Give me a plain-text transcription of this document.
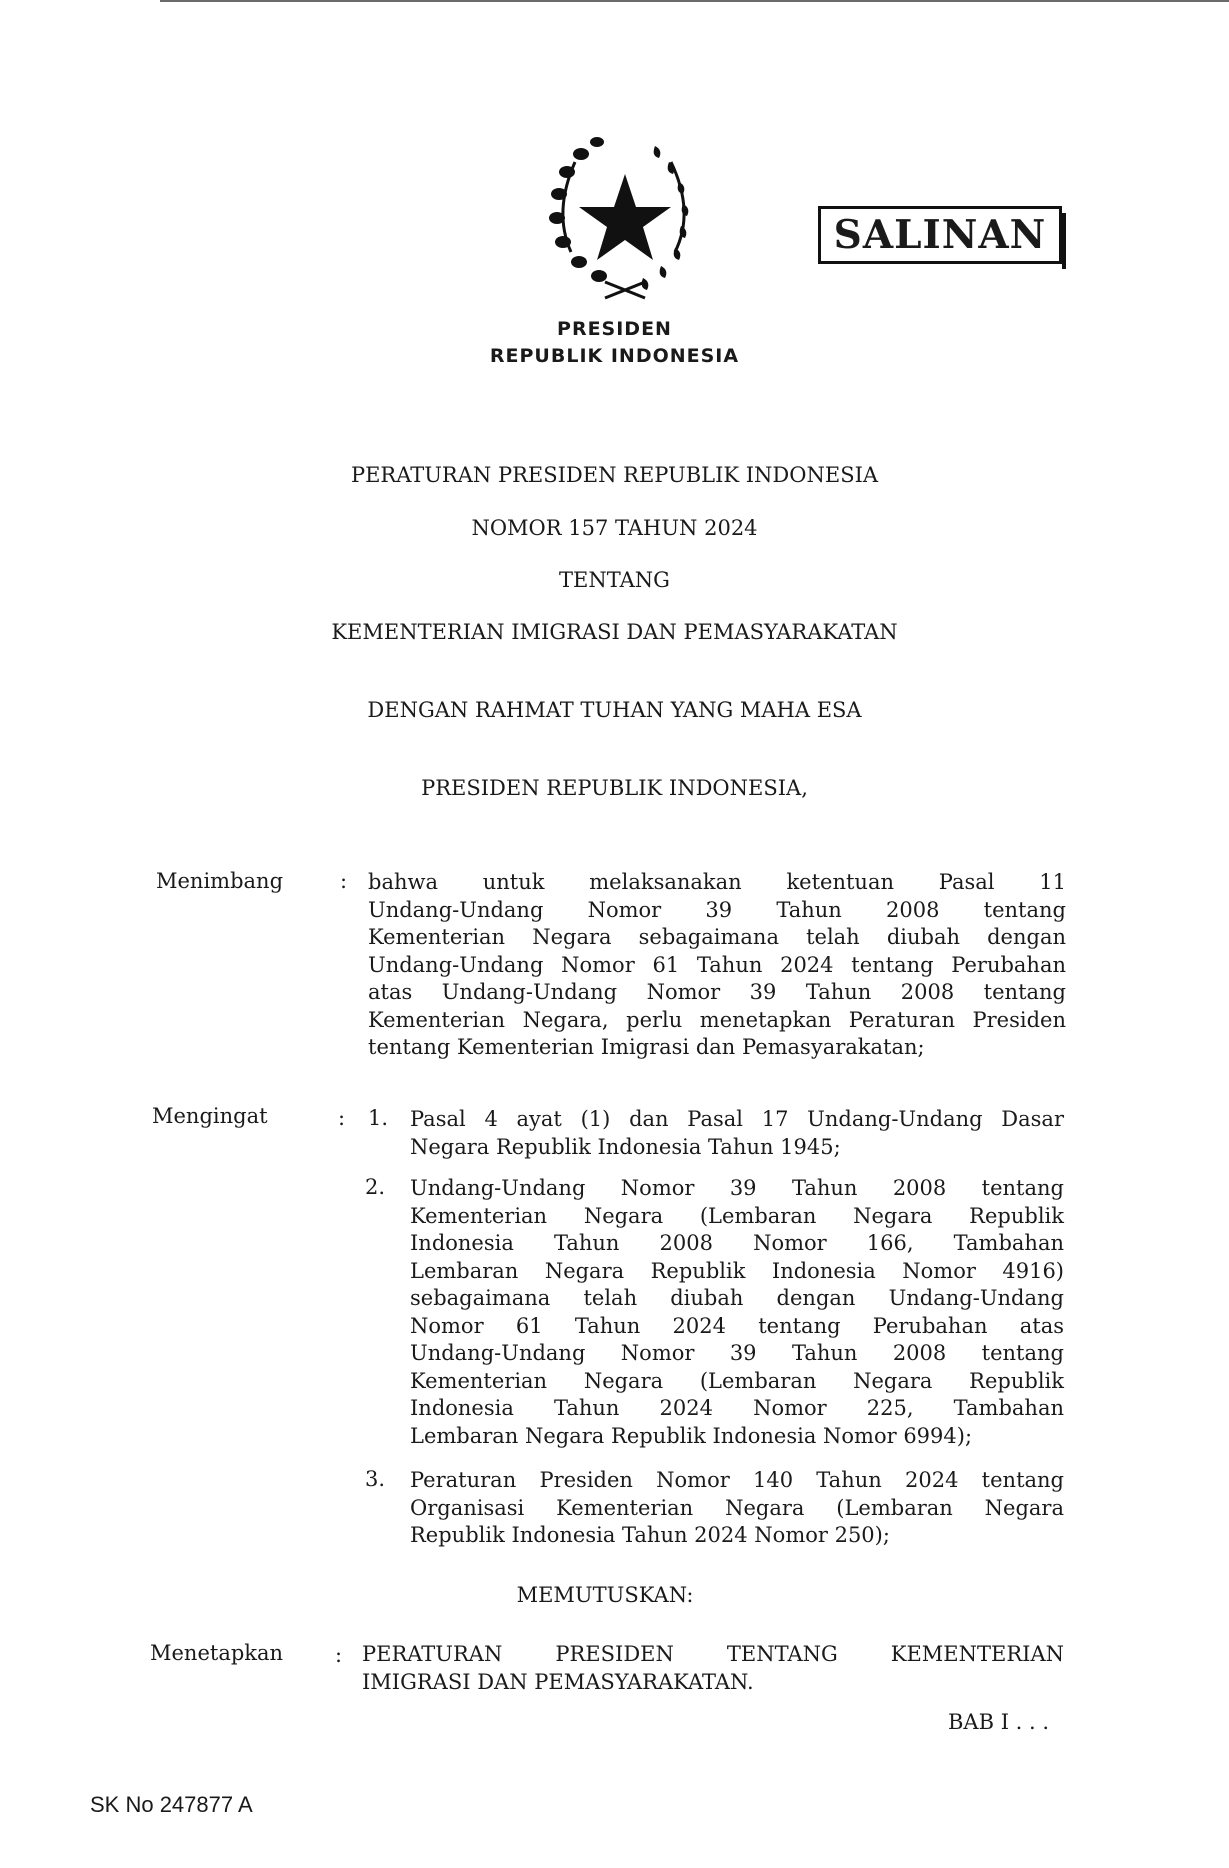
SALINAN
PRESIDEN
REPUBLIK INDONESIA
PERATURAN PRESIDEN REPUBLIK INDONESIA
NOMOR 157 TAHUN 2024
TENTANG
KEMENTERIAN IMIGRASI DAN PEMASYARAKATAN
DENGAN RAHMAT TUHAN YANG MAHA ESA
PRESIDEN REPUBLIK INDONESIA,
Menimbang	: bahwa untuk melaksanakan ketentuan Pasal 11
Undang-Undang Nomor 39 Tahun 2008 tentang
Kementerian Negara sebagaimana telah diubah dengan
Undang-Undang Nomor 61 Tahun 2024 tentang Perubahan
atas Undang-Undang Nomor 39 Tahun 2008 tentang
Kementerian Negara, perlu menetapkan Peraturan Presiden
tentang Kementerian Imigrasi dan Pemasyarakatan;
Mengingat	: 1. Pasal 4 ayat (1) dan Pasal 17 Undang-Undang Dasar
Negara Republik Indonesia Tahun 1945;
2. Undang-Undang Nomor 39 Tahun 2008 tentang
Kementerian Negara (Lembaran Negara Republik
Indonesia Tahun 2008 Nomor 166, Tambahan
Lembaran Negara Republik Indonesia Nomor 4916)
sebagaimana telah diubah dengan Undang-Undang
Nomor 61 Tahun 2024 tentang Perubahan atas
Undang-Undang Nomor 39 Tahun 2008 tentang
Kementerian Negara (Lembaran Negara Republik
Indonesia Tahun 2024 Nomor 225, Tambahan
Lembaran Negara Republik Indonesia Nomor 6994);
3. Peraturan Presiden Nomor 140 Tahun 2024 tentang
Organisasi Kementerian Negara (Lembaran Negara
Republik Indonesia Tahun 2024 Nomor 250);
MEMUTUSKAN:
Menetapkan : PERATURAN PRESIDEN TENTANG KEMENTERIAN
IMIGRASI DAN PEMASYARAKATAN.
BAB I . . .
SK No 247877 A
